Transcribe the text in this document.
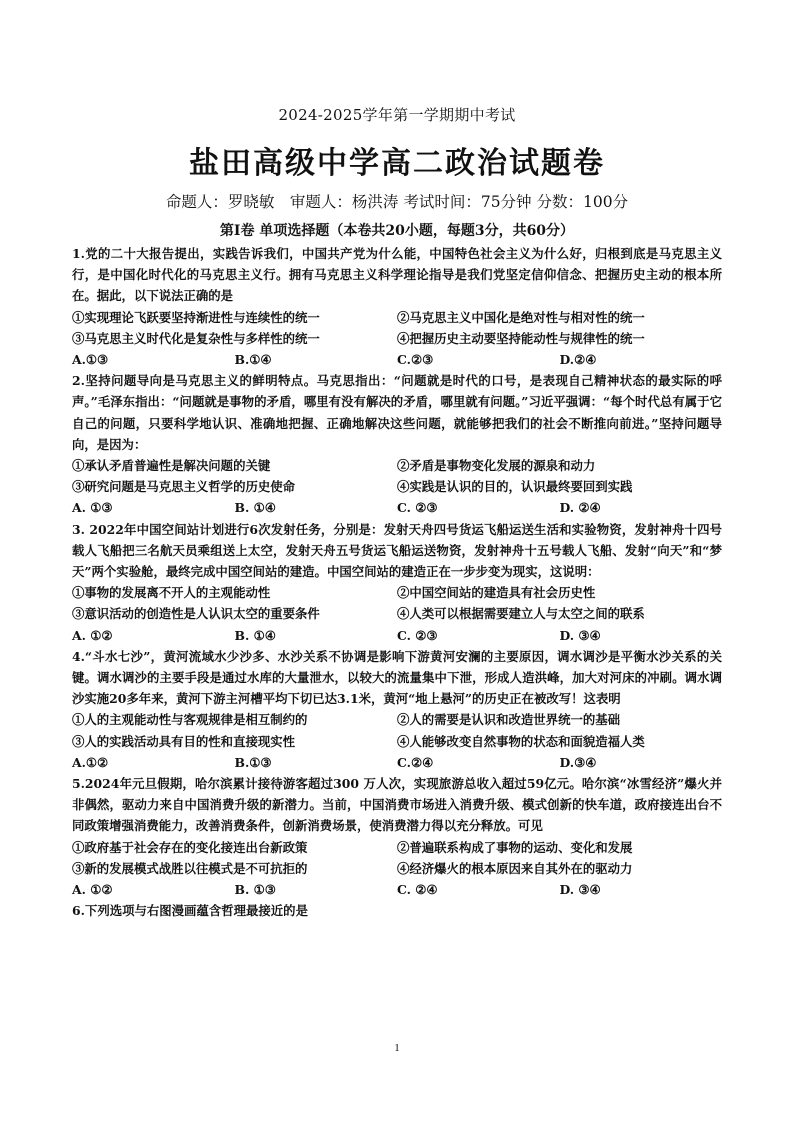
2024-2025学年第一学期期中考试
盐田高级中学高二政治试题卷
命题人：罗晓敏　审题人：杨洪涛 考试时间：75分钟 分数：100分
第Ⅰ卷 单项选择题（本卷共20小题，每题3分，共60分）

1.党的二十大报告提出，实践告诉我们，中国共产党为什么能，中国特色社会主义为什么好，归根到底是马克思主义行，是中国化时代化的马克思主义行。拥有马克思主义科学理论指导是我们党坚定信仰信念、把握历史主动的根本所在。据此，以下说法正确的是

①实现理论飞跃要坚持渐进性与连续性的统一	②马克思主义中国化是绝对性与相对性的统一
③马克思主义时代化是复杂性与多样性的统一	④把握历史主动要坚持能动性与规律性的统一
A.①③	B.①④	C.②③	D.②④

2.坚持问题导向是马克思主义的鲜明特点。马克思指出：“问题就是时代的口号，是表现自己精神状态的最实际的呼声。”毛泽东指出：“问题就是事物的矛盾，哪里有没有解决的矛盾，哪里就有问题。”习近平强调：“每个时代总有属于它自己的问题，只要科学地认识、准确地把握、正确地解决这些问题，就能够把我们的社会不断推向前进。”坚持问题导向，是因为：

①承认矛盾普遍性是解决问题的关键	②矛盾是事物变化发展的源泉和动力
③研究问题是马克思主义哲学的历史使命	④实践是认识的目的，认识最终要回到实践
A. ①③	B. ①④	C. ②③	D. ②④

3. 2022年中国空间站计划进行6次发射任务，分别是：发射天舟四号货运飞船运送生活和实验物资，发射神舟十四号载人飞船把三名航天员乘组送上太空，发射天舟五号货运飞船运送物资，发射神舟十五号载人飞船、发射“向天”和“梦天”两个实验舱，最终完成中国空间站的建造。中国空间站的建造正在一步步变为现实，这说明：

①事物的发展离不开人的主观能动性	②中国空间站的建造具有社会历史性
③意识活动的创造性是人认识太空的重要条件	④人类可以根据需要建立人与太空之间的联系
A. ①②	B. ①④	C. ②③	D. ③④

4.“斗水七沙”，黄河流域水少沙多、水沙关系不协调是影响下游黄河安澜的主要原因，调水调沙是平衡水沙关系的关键。调水调沙的主要手段是通过水库的大量泄水，以较大的流量集中下泄，形成人造洪峰，加大对河床的冲刷。调水调沙实施20多年来，黄河下游主河槽平均下切已达3.1米，黄河“地上悬河”的历史正在被改写！这表明

①人的主观能动性与客观规律是相互制约的	②人的需要是认识和改造世界统一的基础
③人的实践活动具有目的性和直接现实性	④人能够改变自然事物的状态和面貌造福人类
A.①②	B.①③	C.②④	D.③④

5.2024年元旦假期，哈尔滨累计接待游客超过300 万人次，实现旅游总收入超过59亿元。哈尔滨“冰雪经济”爆火并非偶然，驱动力来自中国消费升级的新潜力。当前，中国消费市场进入消费升级、模式创新的快车道，政府接连出台不同政策增强消费能力，改善消费条件，创新消费场景，使消费潜力得以充分释放。可见

①政府基于社会存在的变化接连出台新政策	②普遍联系构成了事物的运动、变化和发展
③新的发展模式战胜以往模式是不可抗拒的	④经济爆火的根本原因来自其外在的驱动力
A. ①②	B. ①③	C. ②④	D. ③④

6.下列选项与右图漫画蕴含哲理最接近的是

1
